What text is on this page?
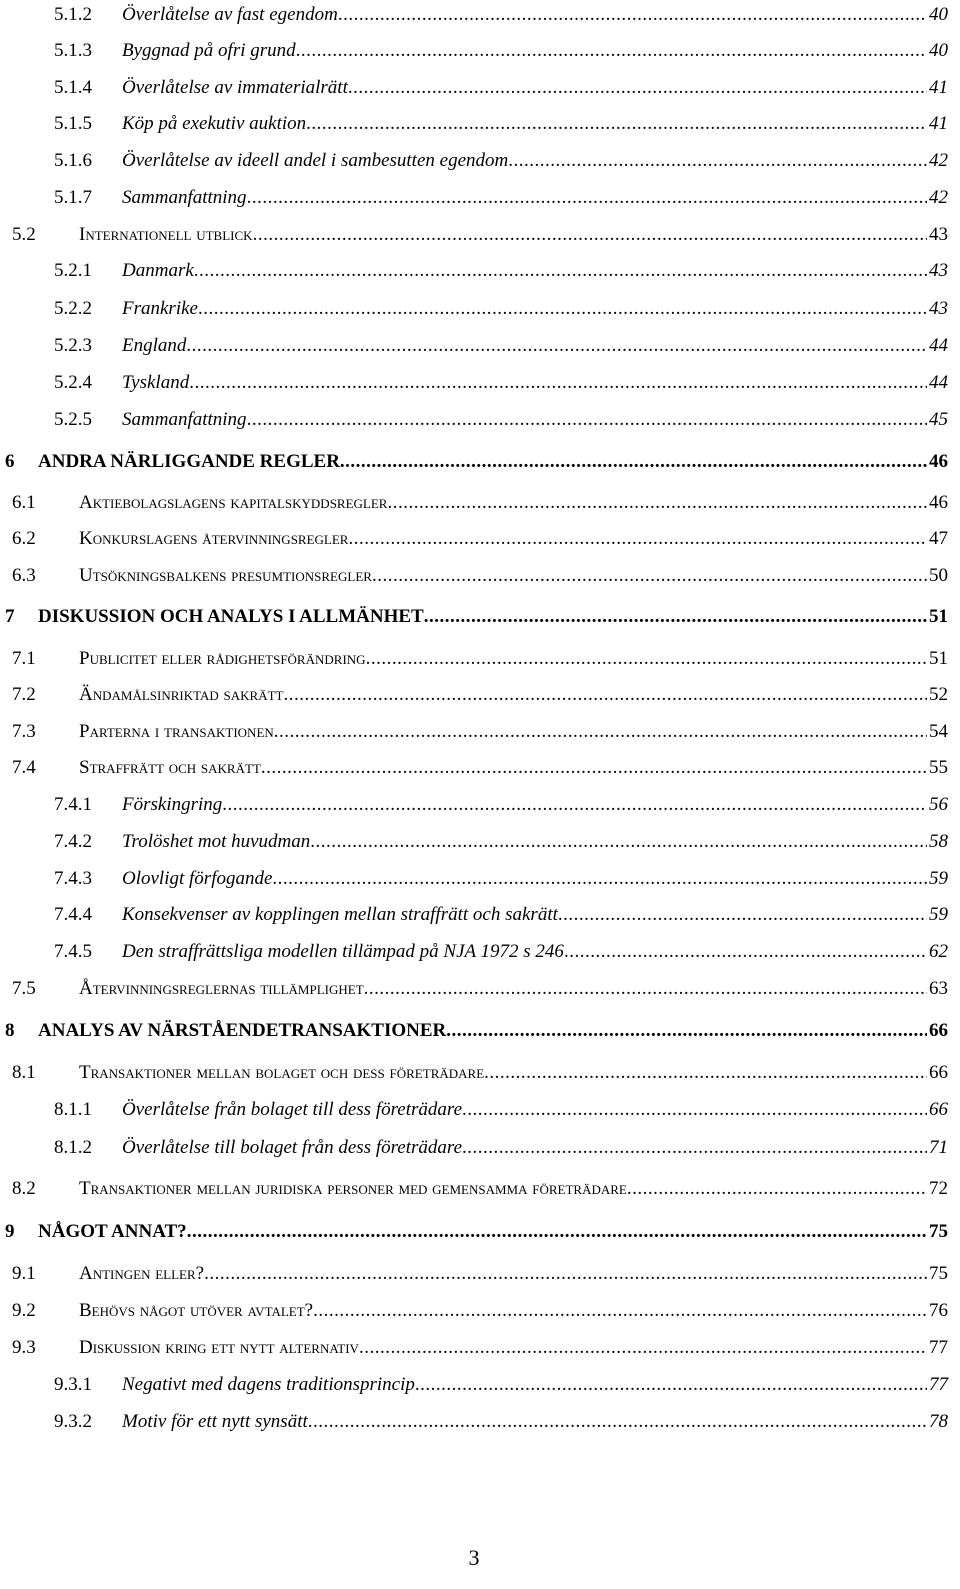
5.1.2 Överlåtelse av fast egendom .....	40
5.1.3 Byggnad på ofri grund .....	40
5.1.4 Överlåtelse av immaterialrätt .....	41
5.1.5 Köp på exekutiv auktion .....	41
5.1.6 Överlåtelse av ideell andel i sambesutten egendom .....	42
5.1.7 Sammanfattning .....	42
5.2 Internationell utblick .....	43
5.2.1 Danmark .....	43
5.2.2 Frankrike .....	43
5.2.3 England .....	44
5.2.4 Tyskland .....	44
5.2.5 Sammanfattning .....	45
6 ANDRA NÄRLIGGANDE REGLER .....	46
6.1 Aktiebolagslagens kapitalskyddsregler .....	46
6.2 Konkurslagens återvinningsregler .....	47
6.3 Utsökningsbalkens presumtionsregler .....	50
7 DISKUSSION OCH ANALYS I ALLMÄNHET .....	51
7.1 Publicitet eller rådighetsförändring .....	51
7.2 Ändamålsinriktad sakrätt .....	52
7.3 Parterna i transaktionen .....	54
7.4 Straffrätt och sakrätt .....	55
7.4.1 Förskingring .....	56
7.4.2 Trolöshet mot huvudman .....	58
7.4.3 Olovligt förfogande .....	59
7.4.4 Konsekvenser av kopplingen mellan straffrätt och sakrätt .....	59
7.4.5 Den straffrättsliga modellen tillämpad på NJA 1972 s 246 .....	62
7.5 Återvinningsreglernas tillämplighet .....	63
8 ANALYS AV NÄRSTÅENDETRANSAKTIONER .....	66
8.1 Transaktioner mellan bolaget och dess företrädare .....	66
8.1.1 Överlåtelse från bolaget till dess företrädare .....	66
8.1.2 Överlåtelse till bolaget från dess företrädare .....	71
8.2 Transaktioner mellan juridiska personer med gemensamma företrädare .....	72
9 NÅGOT ANNAT? .....	75
9.1 Antingen eller? .....	75
9.2 Behövs något utöver avtalet? .....	76
9.3 Diskussion kring ett nytt alternativ .....	77
9.3.1 Negativt med dagens traditionsprincip .....	77
9.3.2 Motiv för ett nytt synsätt .....	78
3
